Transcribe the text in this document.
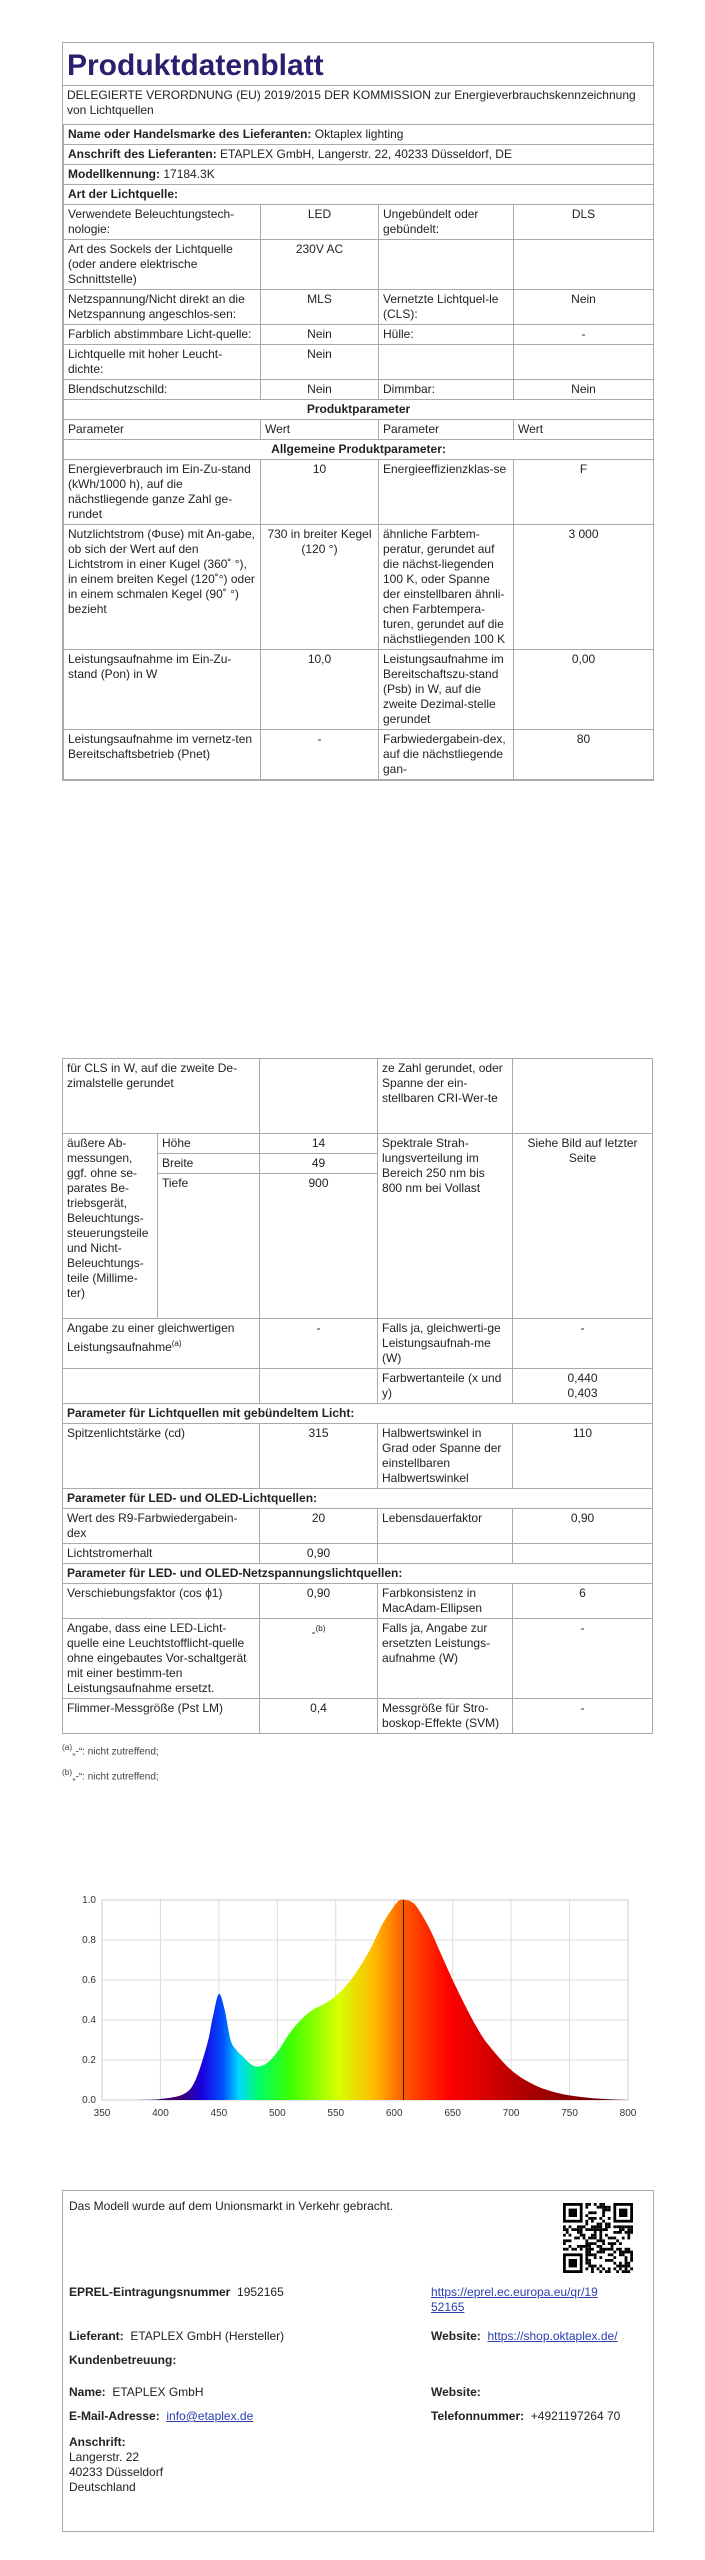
Produktdatenblatt
DELEGIERTE VERORDNUNG (EU) 2019/2015 DER KOMMISSION zur Energieverbrauchskennzeichnung von Lichtquellen
Name oder Handelsmarke des Lieferanten: Oktaplex lighting			
Anschrift des Lieferanten: ETAPLEX GmbH, Langerstr. 22, 40233 Düsseldorf, DE			
Modellkennung: 17184.3K			
Art der Lichtquelle:			
Verwendete Beleuchtungstech-nologie:	LED	Ungebündelt oder gebündelt:	DLS
Art des Sockels der Lichtquelle (oder andere elektrische Schnittstelle)	230V AC		
Netzspannung/Nicht direkt an die Netzspannung angeschlos-sen:	MLS	Vernetzte Lichtquel-le (CLS):	Nein
Farblich abstimmbare Licht-quelle:	Nein	Hülle:	-
Lichtquelle mit hoher Leucht-dichte:	Nein		
Blendschutzschild:	Nein	Dimmbar:	Nein
Produktparameter			
Parameter	Wert	Parameter	Wert
Allgemeine Produktparameter:			
Energieverbrauch im Ein-Zu-stand (kWh/1000 h), auf die nächstliegende ganze Zahl ge-rundet	10	Energieeffizienzklas-se	F
Nutzlichtstrom (Φuse) mit An-gabe, ob sich der Wert auf den Lichtstrom in einer Kugel (360˚ °), in einem breiten Kegel (120˚°) oder in einem schmalen Kegel (90˚ °) bezieht	730 in breiter Kegel (120 °)	ähnliche Farbtem-peratur, gerundet auf die nächst-liegenden 100 K, oder Spanne der einstellbaren ähnli-chen Farbtempera-turen, gerundet auf die nächstliegenden 100 K	3 000
Leistungsaufnahme im Ein-Zu-stand (Pon) in W	10,0	Leistungsaufnahme im Bereitschaftszu-stand (Psb) in W, auf die zweite Dezimal-stelle gerundet	0,00
Leistungsaufnahme im vernetz-ten Bereitschaftsbetrieb (Pnet)	-	Farbwiedergabein-dex, auf die nächstliegende gan-	80
für CLS in W, auf die zweite De-zimalstelle gerundet			ze Zahl gerundet, oder Spanne der ein-stellbaren CRI-Wer-te	
äußere Ab-messungen, ggf. ohne se-parates Be-triebsgerät, Beleuchtungs-steuerungsteile und Nicht-Beleuchtungs-teile (Millime-ter)	Höhe	14	Spektrale Strah-lungsverteilung im Bereich 250 nm bis 800 nm bei Vollast	Siehe Bild auf letzter Seite
	Breite	49		
	Tiefe	900		
Angabe zu einer gleichwertigen Leistungsaufnahme$^{(a)}$		-	Falls ja, gleichwerti-ge Leistungsaufnah-me (W)	-
			Farbwertanteile (x und y)	0,440
0,403
Parameter für Lichtquellen mit gebündeltem Licht:				
Spitzenlichtstärke (cd)		315	Halbwertswinkel in Grad oder Spanne der einstellbaren Halbwertswinkel	110
Parameter für LED- und OLED-Lichtquellen:				
Wert des R9-Farbwiedergabein-dex		20	Lebensdauerfaktor	0,90
Lichtstromerhalt		0,90		
Parameter für LED- und OLED-Netzspannungslichtquellen:				
Verschiebungsfaktor (cos ϕ1)		0,90	Farbkonsistenz in MacAdam-Ellipsen	6
Angabe, dass eine LED-Licht-quelle eine Leuchtstofflicht-quelle ohne eingebautes Vor-schaltgerät mit einer bestimm-ten Leistungsaufnahme ersetzt.		-$^{(b)}$	Falls ja, Angabe zur ersetzten Leistungs-aufnahme (W)	-
Flimmer-Messgröße (Pst LM)		0,4	Messgröße für Stro-boskop-Effekte (SVM)	-
$^{(a)}$„-“: nicht zutreffend;
$^{(b)}$„-“: nicht zutreffend;
350	400	450	500	550	600	650	700	750	800
0.0
0.2
0.4
0.6
0.8
1.0
Das Modell wurde auf dem Unionsmarkt in Verkehr gebracht.
EPREL-Eintragungsnummer 1952165	https://eprel.ec.europa.eu/qr/19
52165
Lieferant: ETAPLEX GmbH (Hersteller)	Website: https://shop.oktaplex.de/
Kundenbetreuung:
Name: ETAPLEX GmbH	Website:
E-Mail-Adresse: info@etaplex.de	Telefonnummer: +4921197264 70
Anschrift:
Langerstr. 22
40233 Düsseldorf
Deutschland
